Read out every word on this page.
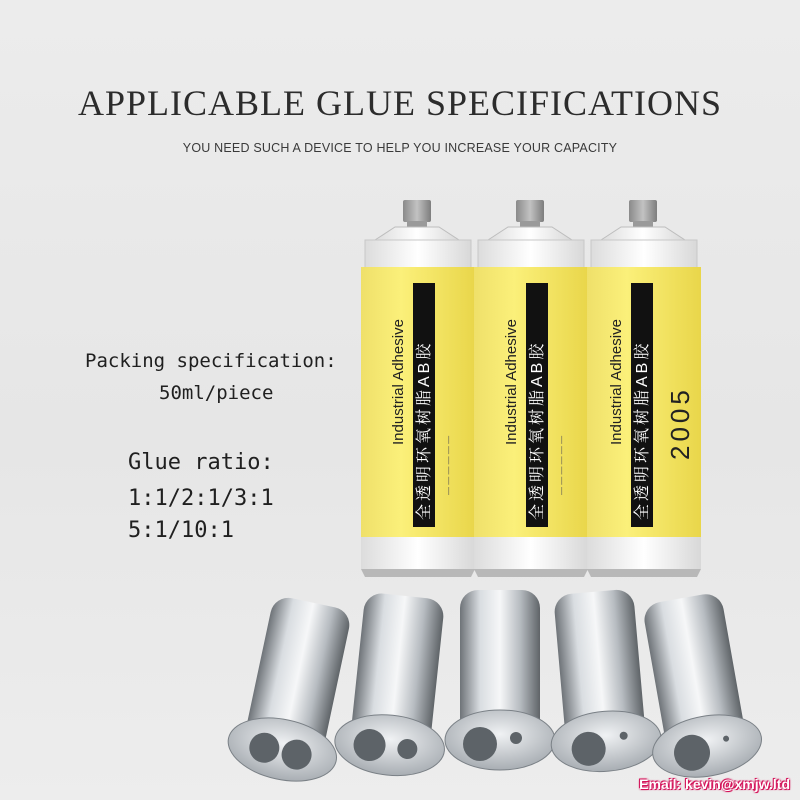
APPLICABLE GLUE SPECIFICATIONS
YOU NEED SUCH A DEVICE TO HELP YOU INCREASE YOUR CAPACITY
Packing specification:
50ml/piece
Glue ratio:
1:1/2:1/3:1
5:1/10:1
Industrial Adhesive 全透明环氧树脂AB胶 — — — — — —
Industrial Adhesive 全透明环氧树脂AB胶 — — — — — —
Industrial Adhesive 全透明环氧树脂AB胶 2005
Email: kevin@xmjw.ltd
